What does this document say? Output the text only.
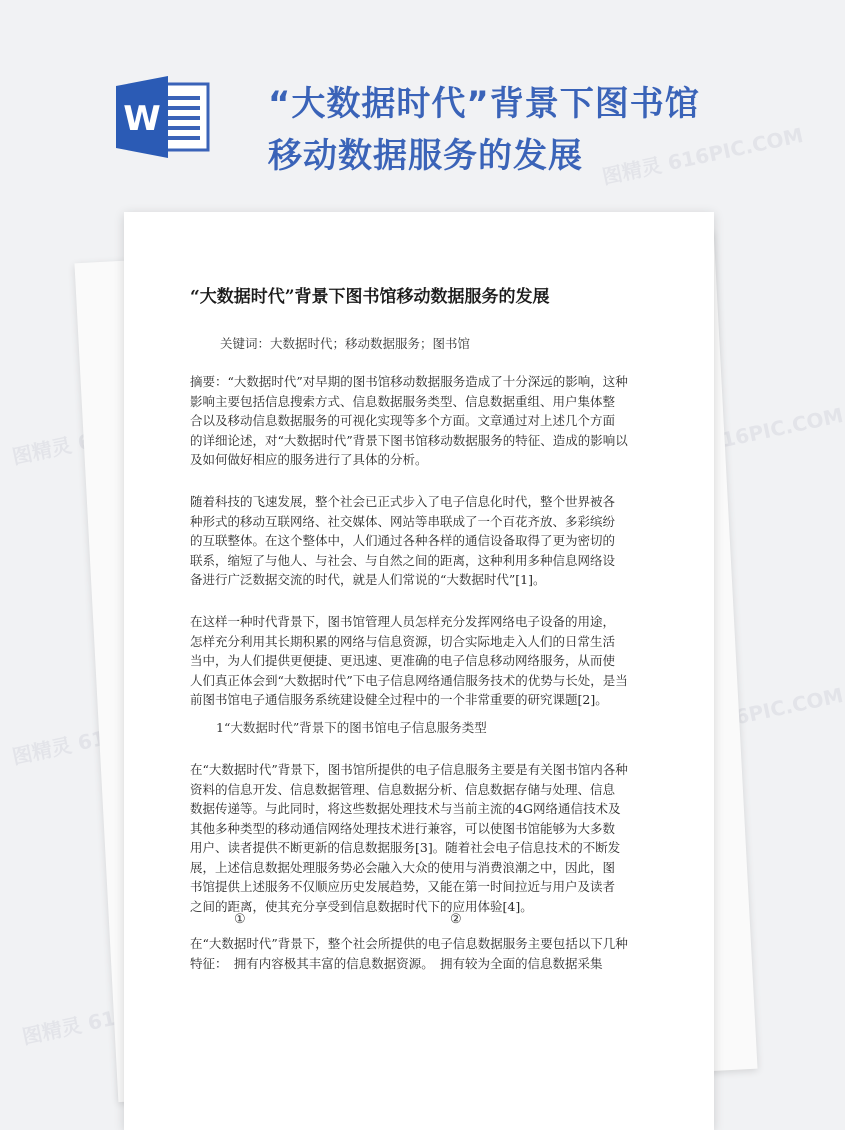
W	“大数据时代”背景下图书馆
移动数据服务的发展 图精灵 616PIC.COM
图精灵	图精灵 616PIC.COM
图精灵
图精灵 616PIC.COM
图精灵
“大数据时代”背景下图书馆移动数据服务的发展
关键词：大数据时代；移动数据服务；图书馆
摘要：“大数据时代”对早期的图书馆移动数据服务造成了十分深远的影响，这种
影响主要包括信息搜索方式、信息数据服务类型、信息数据重组、用户集体整
合以及移动信息数据服务的可视化实现等多个方面。文章通过对上述几个方面
的详细论述，对“大数据时代”背景下图书馆移动数据服务的特征、造成的影响以
及如何做好相应的服务进行了具体的分析。
随着科技的飞速发展，整个社会已正式步入了电子信息化时代，整个世界被各
种形式的移动互联网络、社交媒体、网站等串联成了一个百花齐放、多彩缤纷
的互联整体。在这个整体中，人们通过各种各样的通信设备取得了更为密切的
联系，缩短了与他人、与社会、与自然之间的距离，这种利用多种信息网络设
备进行广泛数据交流的时代，就是人们常说的“大数据时代”[1]。
在这样一种时代背景下，图书馆管理人员怎样充分发挥网络电子设备的用途，
怎样充分利用其长期积累的网络与信息资源，切合实际地走入人们的日常生活
当中，为人们提供更便捷、更迅速、更准确的电子信息移动网络服务，从而使
人们真正体会到“大数据时代”下电子信息网络通信服务技术的优势与长处，是当
前图书馆电子通信服务系统建设健全过程中的一个非常重要的研究课题[2]。
1“大数据时代”背景下的图书馆电子信息服务类型
在“大数据时代”背景下，图书馆所提供的电子信息服务主要是有关图书馆内各种
资料的信息开发、信息数据管理、信息数据分析、信息数据存储与处理、信息
数据传递等。与此同时，将这些数据处理技术与当前主流的4G网络通信技术及
其他多种类型的移动通信网络处理技术进行兼容，可以使图书馆能够为大多数
用户、读者提供不断更新的信息数据服务[3]。随着社会电子信息技术的不断发
展，上述信息数据处理服务势必会融入大众的使用与消费浪潮之中，因此，图
书馆提供上述服务不仅顺应历史发展趋势，又能在第一时间拉近与用户及读者
之间的距离，使其充分享受到信息数据时代下的应用体验[4]。
①	②
在“大数据时代”背景下，整个社会所提供的电子信息数据服务主要包括以下几种
特征：　拥有内容极其丰富的信息数据资源。　拥有较为全面的信息数据采集
